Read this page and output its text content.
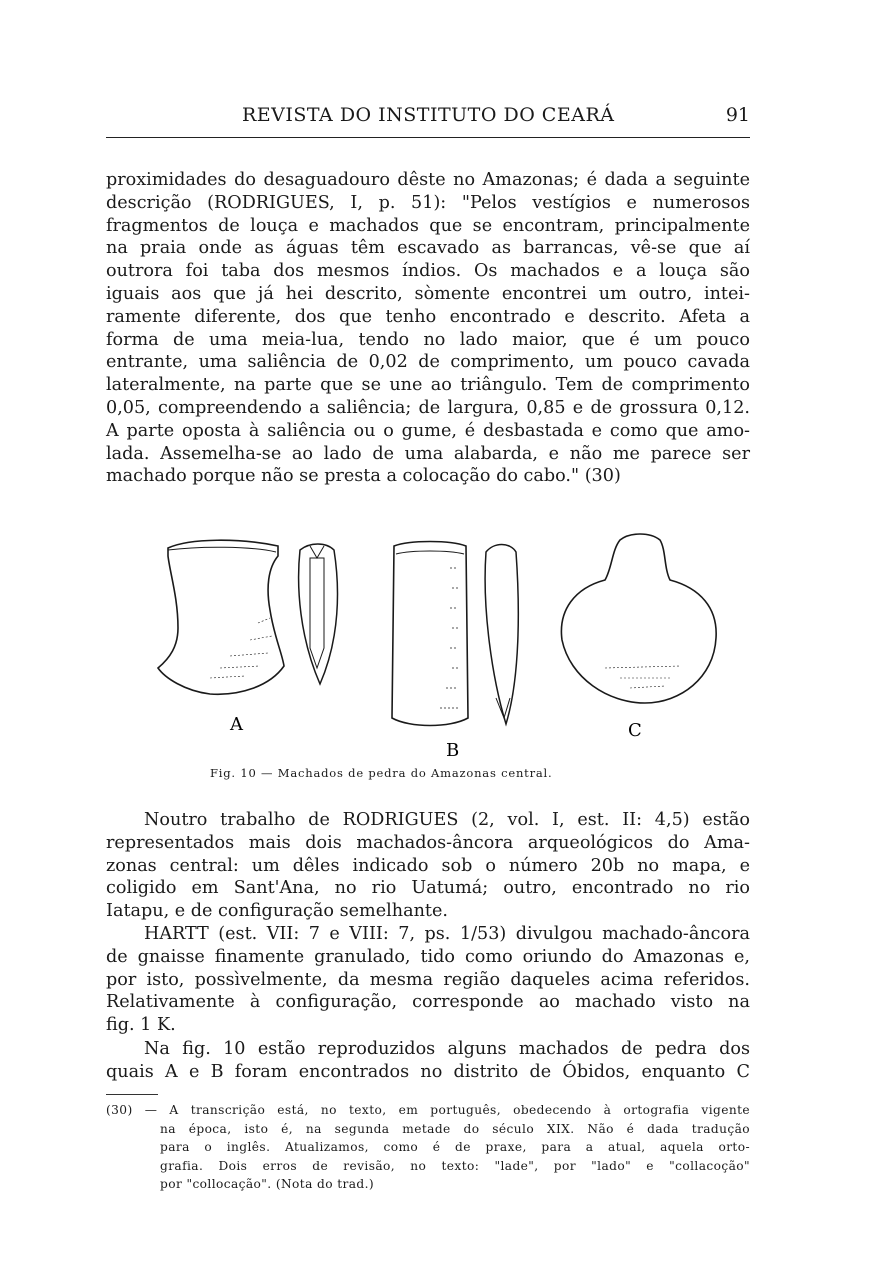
REVISTA DO INSTITUTO DO CEARÁ	91
proximidades do desaguadouro dêste no Amazonas; é dada a seguinte
descrição (RODRIGUES, I, p. 51): "Pelos vestígios e numerosos
fragmentos de louça e machados que se encontram, principalmente
na praia onde as águas têm escavado as barrancas, vê-se que aí
outrora foi taba dos mesmos índios. Os machados e a louça são
iguais aos que já hei descrito, sòmente encontrei um outro, intei-
ramente diferente, dos que tenho encontrado e descrito. Afeta a
forma de uma meia-lua, tendo no lado maior, que é um pouco
entrante, uma saliência de 0,02 de comprimento, um pouco cavada
lateralmente, na parte que se une ao triângulo. Tem de comprimento
0,05, compreendendo a saliência; de largura, 0,85 e de grossura 0,12.
A parte oposta à saliência ou o gume, é desbastada e como que amo-
lada. Assemelha-se ao lado de uma alabarda, e não me parece ser
machado porque não se presta a colocação do cabo." (30)
A
B
C
Fig. 10 — Machados de pedra do Amazonas central.
Noutro trabalho de RODRIGUES (2, vol. I, est. II: 4,5) estão
representados mais dois machados-âncora arqueológicos do Ama-
zonas central: um dêles indicado sob o número 20b no mapa, e
coligido em Sant'Ana, no rio Uatumá; outro, encontrado no rio
Iatapu, e de configuração semelhante.
HARTT (est. VII: 7 e VIII: 7, ps. 1/53) divulgou machado-âncora
de gnaisse finamente granulado, tido como oriundo do Amazonas e,
por isto, possìvelmente, da mesma região daqueles acima referidos.
Relativamente à configuração, corresponde ao machado visto na
fig. 1 K.
Na fig. 10 estão reproduzidos alguns machados de pedra dos
quais A e B foram encontrados no distrito de Óbidos, enquanto C
(30) — A transcrição está, no texto, em português, obedecendo à ortografia vigente
na época, isto é, na segunda metade do século XIX. Não é dada tradução
para o inglês. Atualizamos, como é de praxe, para a atual, aquela orto-
grafia. Dois erros de revisão, no texto: "lade", por "lado" e "collacoção"
por "collocação". (Nota do trad.)
